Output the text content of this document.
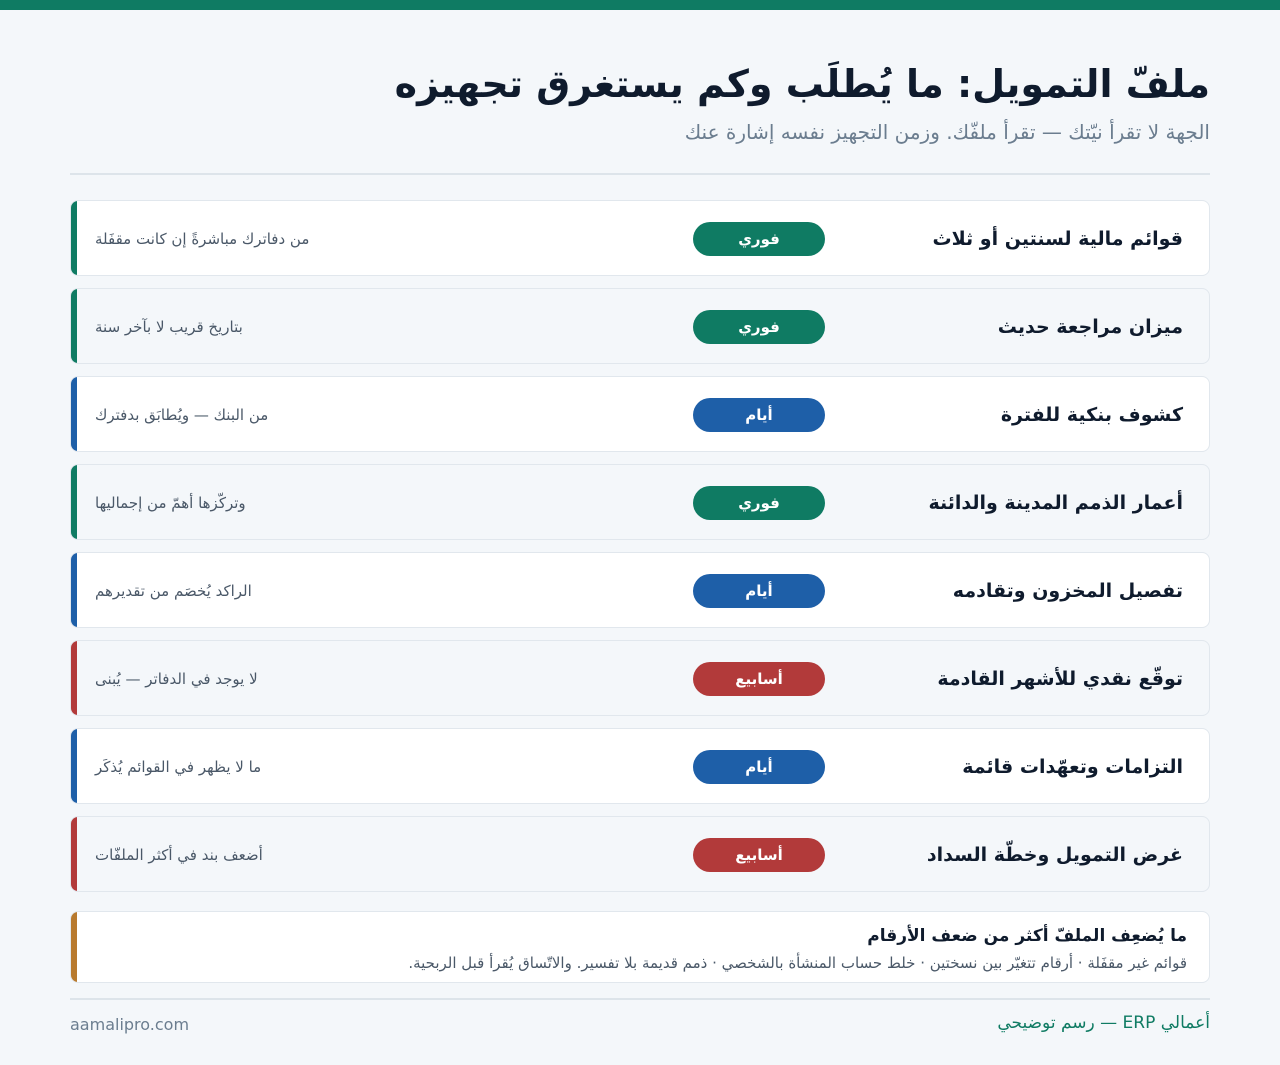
ملفّ التمويل: ما يُطلَب وكم يستغرق تجهيزه
الجهة لا تقرأ نيّتك — تقرأ ملفّك. وزمن التجهيز نفسه إشارة عنك
قوائم مالية لسنتين أو ثلاث
فوري
من دفاترك مباشرةً إن كانت مقفَلة
ميزان مراجعة حديث
فوري
بتاريخ قريب لا بآخر سنة
كشوف بنكية للفترة
أيام
من البنك — ويُطابَق بدفترك
أعمار الذمم المدينة والدائنة
فوري
وتركّزها أهمّ من إجماليها
تفصيل المخزون وتقادمه
أيام
الراكد يُخصَم من تقديرهم
توقّع نقدي للأشهر القادمة
أسابيع
لا يوجد في الدفاتر — يُبنى
التزامات وتعهّدات قائمة
أيام
ما لا يظهر في القوائم يُذكَر
غرض التمويل وخطّة السداد
أسابيع
أضعف بند في أكثر الملفّات
ما يُضعِف الملفّ أكثر من ضعف الأرقام
قوائم غير مقفَلة · أرقام تتغيّر بين نسختين · خلط حساب المنشأة بالشخصي · ذمم قديمة بلا تفسير. والاتّساق يُقرأ قبل الربحية.
أعمالي ERP — رسم توضيحي
aamalipro.com
